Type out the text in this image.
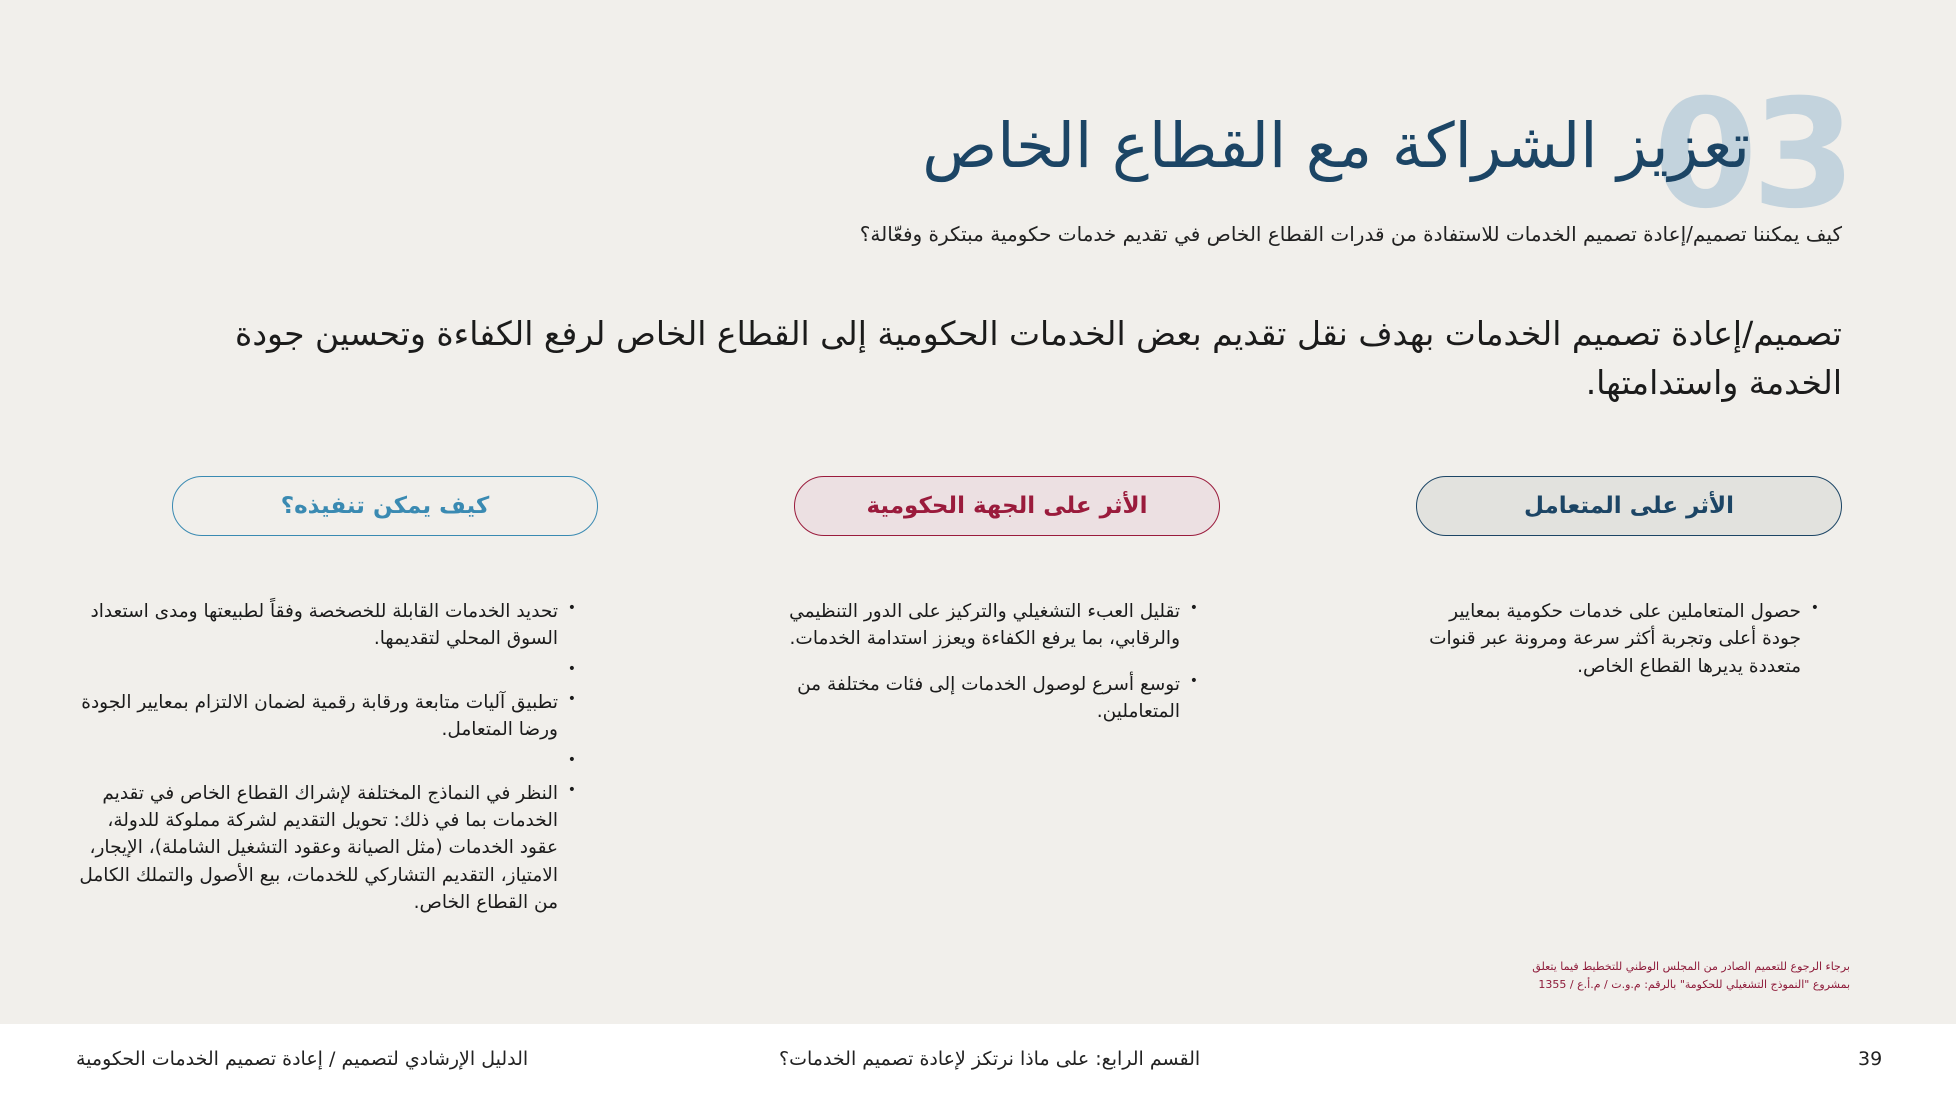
03
تعزيز الشراكة مع القطاع الخاص
كيف يمكننا تصميم/إعادة تصميم الخدمات للاستفادة من قدرات القطاع الخاص في تقديم خدمات حكومية مبتكرة وفعّالة؟
تصميم/إعادة تصميم الخدمات بهدف نقل تقديم بعض الخدمات الحكومية إلى القطاع الخاص لرفع الكفاءة وتحسين جودة الخدمة واستدامتها.
الأثر على المتعامل
الأثر على الجهة الحكومية
كيف يمكن تنفيذه؟
• حصول المتعاملين على خدمات حكومية بمعايير جودة أعلى وتجربة أكثر سرعة ومرونة عبر قنوات متعددة يديرها القطاع الخاص.
• تقليل العبء التشغيلي والتركيز على الدور التنظيمي والرقابي، بما يرفع الكفاءة ويعزز استدامة الخدمات.
• توسع أسرع لوصول الخدمات إلى فئات مختلفة من المتعاملين.
• تحديد الخدمات القابلة للخصخصة وفقاً لطبيعتها ومدى استعداد السوق المحلي لتقديمها.
•
• تطبيق آليات متابعة ورقابة رقمية لضمان الالتزام بمعايير الجودة ورضا المتعامل.
•
• النظر في النماذج المختلفة لإشراك القطاع الخاص في تقديم الخدمات بما في ذلك: تحويل التقديم لشركة مملوكة للدولة، عقود الخدمات (مثل الصيانة وعقود التشغيل الشاملة)، الإيجار، الامتياز، التقديم التشاركي للخدمات، بيع الأصول والتملك الكامل من القطاع الخاص.
برجاء الرجوع للتعميم الصادر من المجلس الوطني للتخطيط فيما يتعلق
بمشروع "النموذج التشغيلي للحكومة" بالرقم: م.و.ت / م.أ.ع / 1355
39
القسم الرابع: على ماذا نرتكز لإعادة تصميم الخدمات؟
الدليل الإرشادي لتصميم / إعادة تصميم الخدمات الحكومية
